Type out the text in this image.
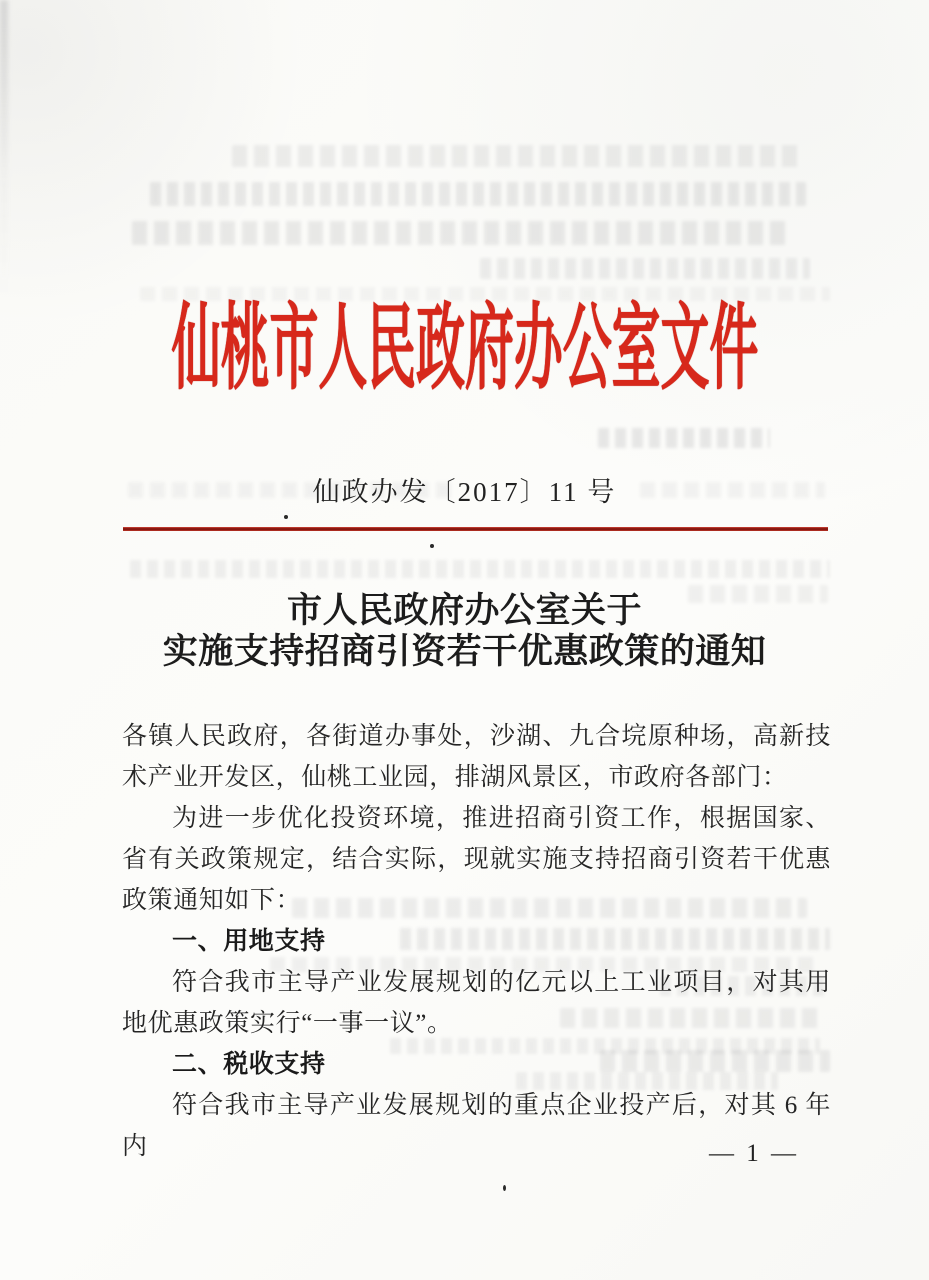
仙桃市人民政府办公室文件
仙政办发〔2017〕11 号
市人民政府办公室关于
实施支持招商引资若干优惠政策的通知

各镇人民政府，各街道办事处，沙湖、九合垸原种场，高新技术产业开发区，仙桃工业园，排湖风景区，市政府各部门：

为进一步优化投资环境，推进招商引资工作，根据国家、省有关政策规定，结合实际，现就实施支持招商引资若干优惠政策通知如下：

一、用地支持

符合我市主导产业发展规划的亿元以上工业项目，对其用地优惠政策实行“一事一议”。

二、税收支持

符合我市主导产业发展规划的重点企业投产后，对其 6 年内	— 1 —
